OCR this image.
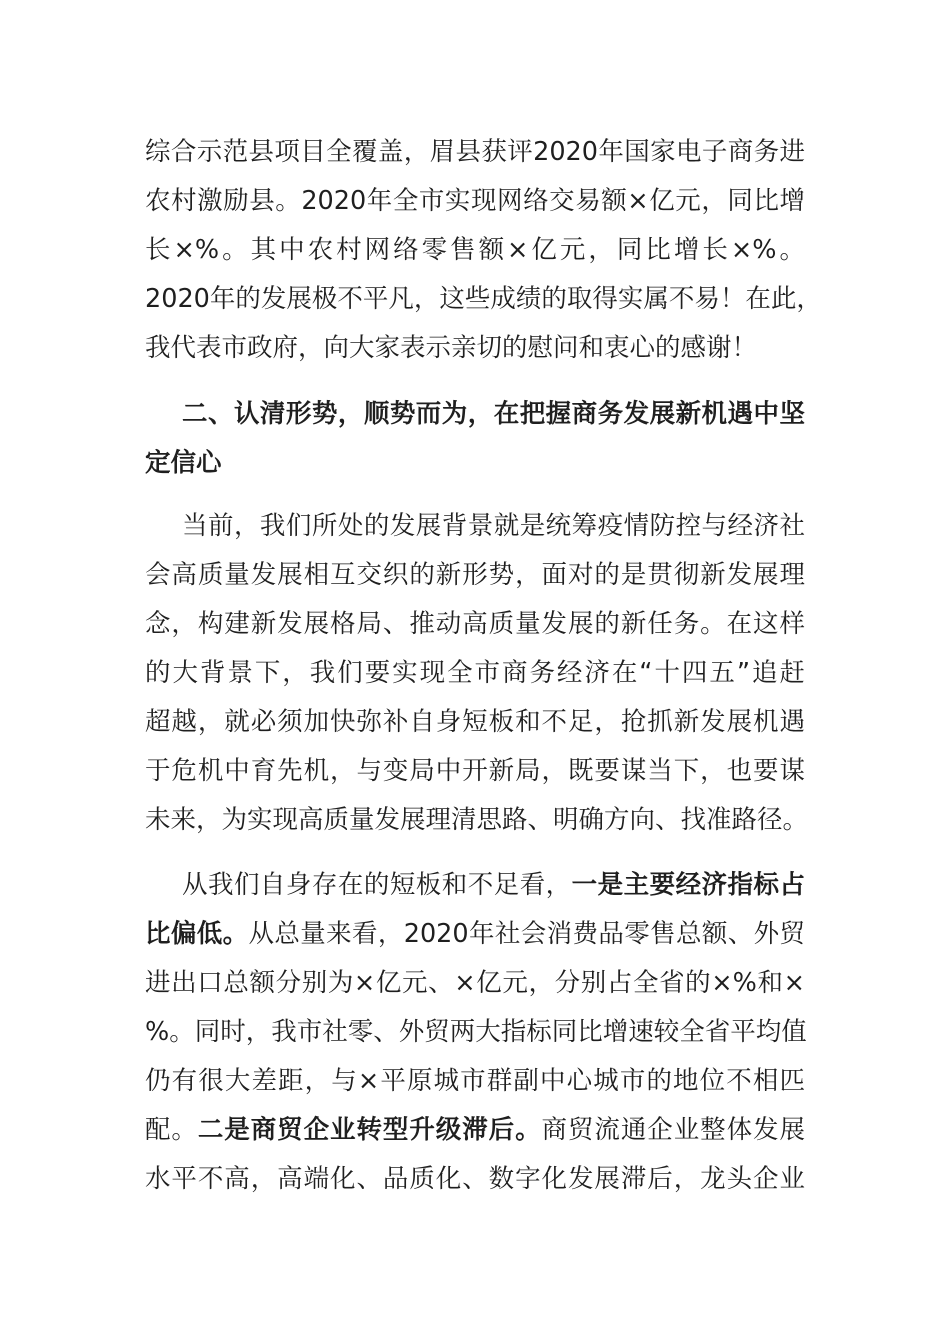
综合示范县项目全覆盖，眉县获评2020年国家电子商务进
农村激励县。2020年全市实现网络交易额×亿元，同比增
长×%。其中农村网络零售额×亿元，同比增长×%。
2020年的发展极不平凡，这些成绩的取得实属不易！在此，
我代表市政府，向大家表示亲切的慰问和衷心的感谢！
二、认清形势，顺势而为，在把握商务发展新机遇中坚
定信心
当前，我们所处的发展背景就是统筹疫情防控与经济社
会高质量发展相互交织的新形势，面对的是贯彻新发展理
念，构建新发展格局、推动高质量发展的新任务。在这样
的大背景下，我们要实现全市商务经济在“十四五”追赶
超越，就必须加快弥补自身短板和不足，抢抓新发展机遇
于危机中育先机，与变局中开新局，既要谋当下，也要谋
未来，为实现高质量发展理清思路、明确方向、找准路径。
从我们自身存在的短板和不足看，一是主要经济指标占
比偏低。从总量来看，2020年社会消费品零售总额、外贸
进出口总额分别为×亿元、×亿元，分别占全省的×%和×
%。同时，我市社零、外贸两大指标同比增速较全省平均值
仍有很大差距，与×平原城市群副中心城市的地位不相匹
配。二是商贸企业转型升级滞后。商贸流通企业整体发展
水平不高，高端化、品质化、数字化发展滞后，龙头企业
